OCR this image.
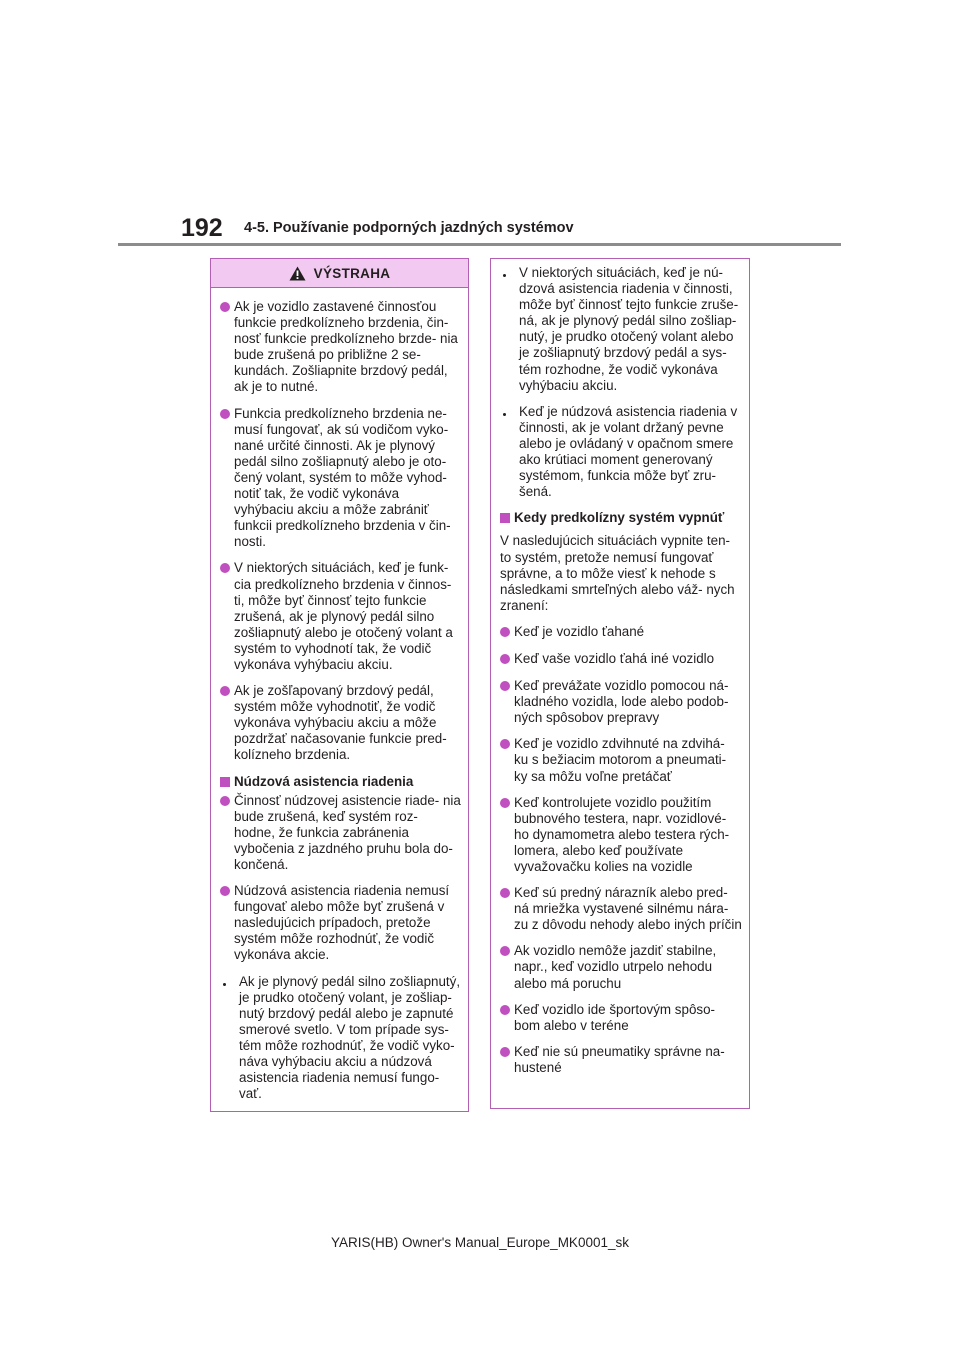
192 4-5. Používanie podporných jazdných systémov
VÝSTRAHA
Ak je vozidlo zastavené činnosťou funkcie predkolízneho brzdenia, čin- nosť funkcie predkolízneho brzde- nia bude zrušená po približne 2 se- kundách. Zošliapnite brzdový pedál, ak je to nutné.
Funkcia predkolízneho brzdenia ne- musí fungovať, ak sú vodičom vyko- nané určité činnosti. Ak je plynový pedál silno zošliapnutý alebo je oto- čený volant, systém to môže vyhod- notiť tak, že vodič vykonáva vyhýbaciu akciu a môže zabrániť funkcii predkolízneho brzdenia v čin- nosti.
V niektorých situáciách, keď je funk- cia predkolízneho brzdenia v činnos- ti, môže byť činnosť tejto funkcie zrušená, ak je plynový pedál silno zošliapnutý alebo je otočený volant a systém to vyhodnotí tak, že vodič vykonáva vyhýbaciu akciu.
Ak je zošľapovaný brzdový pedál, systém môže vyhodnotiť, že vodič vykonáva vyhýbaciu akciu a môže pozdržať načasovanie funkcie pred- kolízneho brzdenia.
Núdzová asistencia riadenia
Činnosť núdzovej asistencie riade- nia bude zrušená, keď systém roz- hodne, že funkcia zabránenia vybočenia z jazdného pruhu bola do- končená.
Núdzová asistencia riadenia nemusí fungovať alebo môže byť zrušená v nasledujúcich prípadoch, pretože systém môže rozhodnúť, že vodič vykonáva akcie.
Ak je plynový pedál silno zošliapnutý, je prudko otočený volant, je zošliap- nutý brzdový pedál alebo je zapnuté smerové svetlo. V tom prípade sys- tém môže rozhodnúť, že vodič vyko- náva vyhýbaciu akciu a núdzová asistencia riadenia nemusí fungo- vať.
V niektorých situáciách, keď je nú- dzová asistencia riadenia v činnosti, môže byť činnosť tejto funkcie zruše- ná, ak je plynový pedál silno zošliap- nutý, je prudko otočený volant alebo je zošliapnutý brzdový pedál a sys- tém rozhodne, že vodič vykonáva vyhýbaciu akciu.
Keď je núdzová asistencia riadenia v činnosti, ak je volant držaný pevne alebo je ovládaný v opačnom smere ako krútiaci moment generovaný systémom, funkcia môže byť zru- šená.
Kedy predkolízny systém vypnúť
V nasledujúcich situáciách vypnite ten- to systém, pretože nemusí fungovať správne, a to môže viesť k nehode s následkami smrteľných alebo váž- nych zranení:
Keď je vozidlo ťahané
Keď vaše vozidlo ťahá iné vozidlo
Keď prevážate vozidlo pomocou ná- kladného vozidla, lode alebo podob- ných spôsobov prepravy
Keď je vozidlo zdvihnuté na zdvihá- ku s bežiacim motorom a pneumati- ky sa môžu voľne pretáčať
Keď kontrolujete vozidlo použitím bubnového testera, napr. vozidlové- ho dynamometra alebo testera rých- lomera, alebo keď používate vyvažovačku kolies na vozidle
Keď sú predný nárazník alebo pred- ná mriežka vystavené silnému nára- zu z dôvodu nehody alebo iných príčin
Ak vozidlo nemôže jazdiť stabilne, napr., keď vozidlo utrpelo nehodu alebo má poruchu
Keď vozidlo ide športovým spôso- bom alebo v teréne
Keď nie sú pneumatiky správne na- hustené
YARIS(HB) Owner's Manual_Europe_MK0001_sk
